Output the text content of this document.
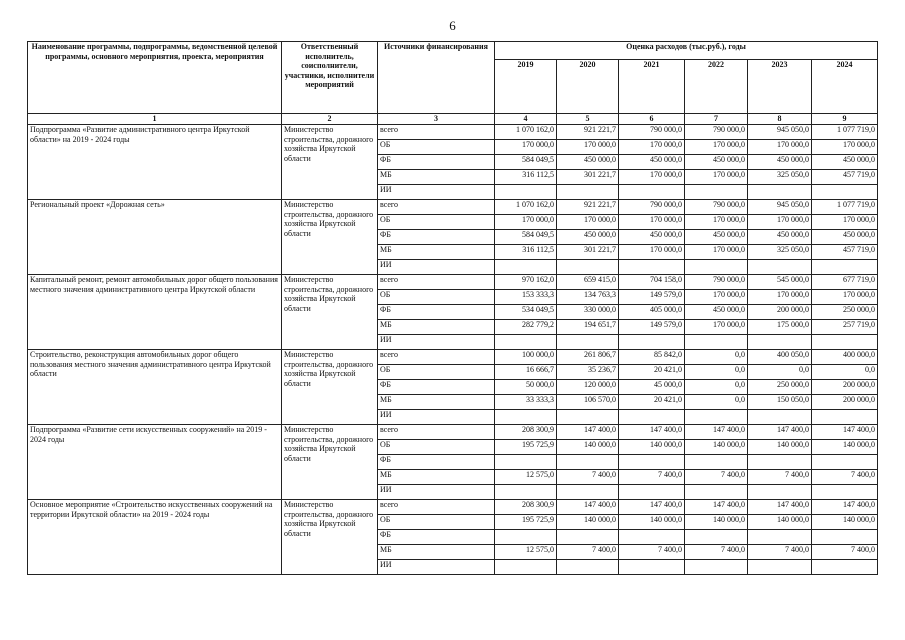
6
Наименование программы, подпрограммы, ведомственной целевой программы, основного мероприятия, проекта, мероприятия	Ответственный исполнитель, соисполнители, участники, исполнители мероприятий	Источники финансирования	Оценка расходов (тыс.руб.), годы					
			2019	2020	2021	2022	2023	2024
1	2	3	4	5	6	7	8	9
Подпрограмма «Развитие административного центра Иркутской области» на 2019 - 2024 годы	Министерство строительства, дорожного хозяйства Иркутской области	всего	1 070 162,0	921 221,7	790 000,0	790 000,0	945 050,0	1 077 719,0
		ОБ	170 000,0	170 000,0	170 000,0	170 000,0	170 000,0	170 000,0
		ФБ	584 049,5	450 000,0	450 000,0	450 000,0	450 000,0	450 000,0
		МБ	316 112,5	301 221,7	170 000,0	170 000,0	325 050,0	457 719,0
		ИИ						
Региональный проект «Дорожная сеть»	Министерство строительства, дорожного хозяйства Иркутской области	всего	1 070 162,0	921 221,7	790 000,0	790 000,0	945 050,0	1 077 719,0
		ОБ	170 000,0	170 000,0	170 000,0	170 000,0	170 000,0	170 000,0
		ФБ	584 049,5	450 000,0	450 000,0	450 000,0	450 000,0	450 000,0
		МБ	316 112,5	301 221,7	170 000,0	170 000,0	325 050,0	457 719,0
		ИИ						
Капитальный ремонт, ремонт автомобильных дорог общего пользования местного значения административного центра Иркутской области	Министерство строительства, дорожного хозяйства Иркутской области	всего	970 162,0	659 415,0	704 158,0	790 000,0	545 000,0	677 719,0
		ОБ	153 333,3	134 763,3	149 579,0	170 000,0	170 000,0	170 000,0
		ФБ	534 049,5	330 000,0	405 000,0	450 000,0	200 000,0	250 000,0
		МБ	282 779,2	194 651,7	149 579,0	170 000,0	175 000,0	257 719,0
		ИИ						
Строительство, реконструкция автомобильных дорог общего пользования местного значения административного центра Иркутской области	Министерство строительства, дорожного хозяйства Иркутской области	всего	100 000,0	261 806,7	85 842,0	0,0	400 050,0	400 000,0
		ОБ	16 666,7	35 236,7	20 421,0	0,0	0,0	0,0
		ФБ	50 000,0	120 000,0	45 000,0	0,0	250 000,0	200 000,0
		МБ	33 333,3	106 570,0	20 421,0	0,0	150 050,0	200 000,0
		ИИ						
Подпрограмма «Развитие сети искусственных сооружений» на 2019 - 2024 годы	Министерство строительства, дорожного хозяйства Иркутской области	всего	208 300,9	147 400,0	147 400,0	147 400,0	147 400,0	147 400,0
		ОБ	195 725,9	140 000,0	140 000,0	140 000,0	140 000,0	140 000,0
		ФБ						
		МБ	12 575,0	7 400,0	7 400,0	7 400,0	7 400,0	7 400,0
		ИИ						
Основное мероприятие «Строительство искусственных сооружений на территории Иркутской области» на 2019 - 2024 годы	Министерство строительства, дорожного хозяйства Иркутской области	всего	208 300,9	147 400,0	147 400,0	147 400,0	147 400,0	147 400,0
		ОБ	195 725,9	140 000,0	140 000,0	140 000,0	140 000,0	140 000,0
		ФБ						
		МБ	12 575,0	7 400,0	7 400,0	7 400,0	7 400,0	7 400,0
		ИИ						
